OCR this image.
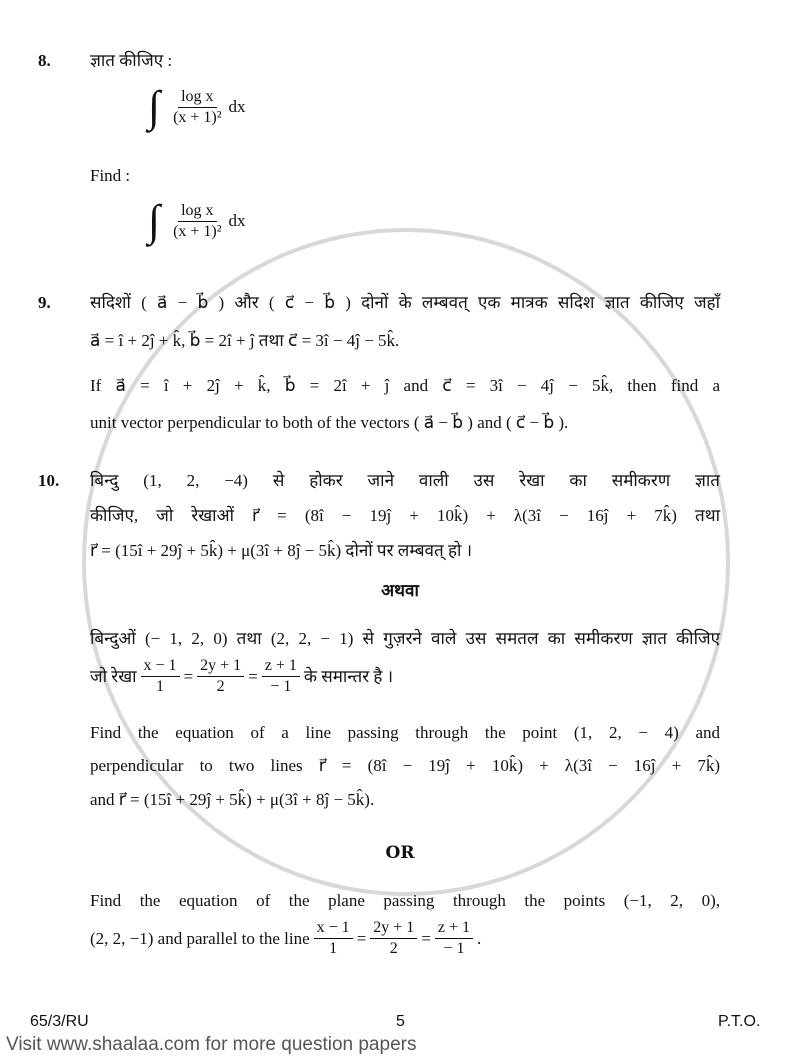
8. ज्ञात कीजिए :
∫ $\frac{\text{log x}}{\text{(x + 1)²}}$ dx
Find :
∫ $\frac{\text{log x}}{\text{(x + 1)²}}$ dx
9. सदिशों ( a⃗ − b⃗ ) और ( c⃗ − b⃗ ) दोनों के लम्बवत् एक मात्रक सदिश ज्ञात कीजिए जहाँ
a⃗ = î + 2ĵ + k̂, b⃗ = 2î + ĵ तथा c⃗ = 3î − 4ĵ − 5k̂.
If a⃗ = î + 2ĵ + k̂, b⃗ = 2î + ĵ and c⃗ = 3î − 4ĵ − 5k̂, then find a
unit vector perpendicular to both of the vectors ( a⃗ − b⃗ ) and ( c⃗ − b⃗ ).
10. बिन्दु (1, 2, −4) से होकर जाने वाली उस रेखा का समीकरण ज्ञात
कीजिए, जो रेखाओं r⃗ = (8î − 19ĵ + 10k̂) + λ(3î − 16ĵ + 7k̂) तथा
r⃗ = (15î + 29ĵ + 5k̂) + μ(3î + 8ĵ − 5k̂) दोनों पर लम्बवत् हो ।
अथवा
बिन्दुओं (− 1, 2, 0) तथा (2, 2, − 1) से गुज़रने वाले उस समतल का समीकरण ज्ञात कीजिए
जो रेखा $\frac{x - 1}{1} = \frac{2y + 1}{2} = \frac{z + 1}{- 1}$ के समान्तर है ।
Find the equation of a line passing through the point (1, 2, − 4) and
perpendicular to two lines r⃗ = (8î − 19ĵ + 10k̂) + λ(3î − 16ĵ + 7k̂)
and r⃗ = (15î + 29ĵ + 5k̂) + μ(3î + 8ĵ − 5k̂).
OR
Find the equation of the plane passing through the points (−1, 2, 0),
(2, 2, −1) and parallel to the line $\frac{x - 1}{1} = \frac{2y + 1}{2} = \frac{z + 1}{- 1}$ .
65/3/RU	5	P.T.O.
Visit www.shaalaa.com for more question papers
